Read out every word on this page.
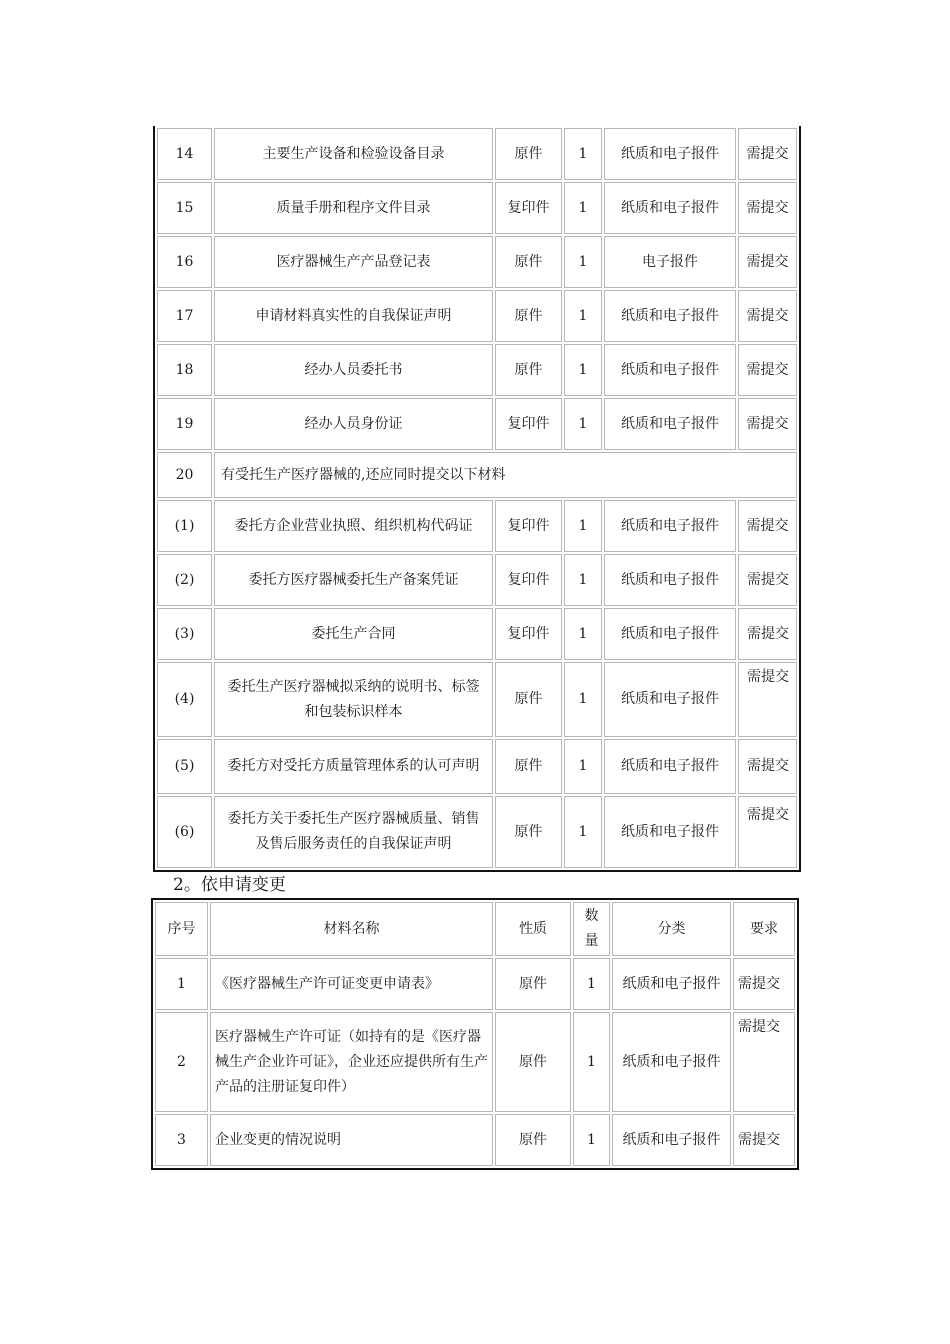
14	主要生产设备和检验设备目录	原件	1	纸质和电子报件	需提交
15	质量手册和程序文件目录	复印件	1	纸质和电子报件	需提交
16	医疗器械生产产品登记表	原件	1	电子报件	需提交
17	申请材料真实性的自我保证声明	原件	1	纸质和电子报件	需提交
18	经办人员委托书	原件	1	纸质和电子报件	需提交
19	经办人员身份证	复印件	1	纸质和电子报件	需提交
20	有受托生产医疗器械的,还应同时提交以下材料				
(1)	委托方企业营业执照、组织机构代码证	复印件	1	纸质和电子报件	需提交
(2)	委托方医疗器械委托生产备案凭证	复印件	1	纸质和电子报件	需提交
(3)	委托生产合同	复印件	1	纸质和电子报件	需提交
(4)	委托生产医疗器械拟采纳的说明书、标签和包装标识样本	原件	1	纸质和电子报件	需提交
(5)	委托方对受托方质量管理体系的认可声明	原件	1	纸质和电子报件	需提交
(6)	委托方关于委托生产医疗器械质量、销售及售后服务责任的自我保证声明	原件	1	纸质和电子报件	需提交

2。依申请变更

序号	材料名称	性质	数量	分类	要求
1	《医疗器械生产许可证变更申请表》	原件	1	纸质和电子报件	需提交
2	医疗器械生产许可证（如持有的是《医疗器械生产企业许可证》，企业还应提供所有生产产品的注册证复印件）	原件	1	纸质和电子报件	需提交
3	企业变更的情况说明	原件	1	纸质和电子报件	需提交
